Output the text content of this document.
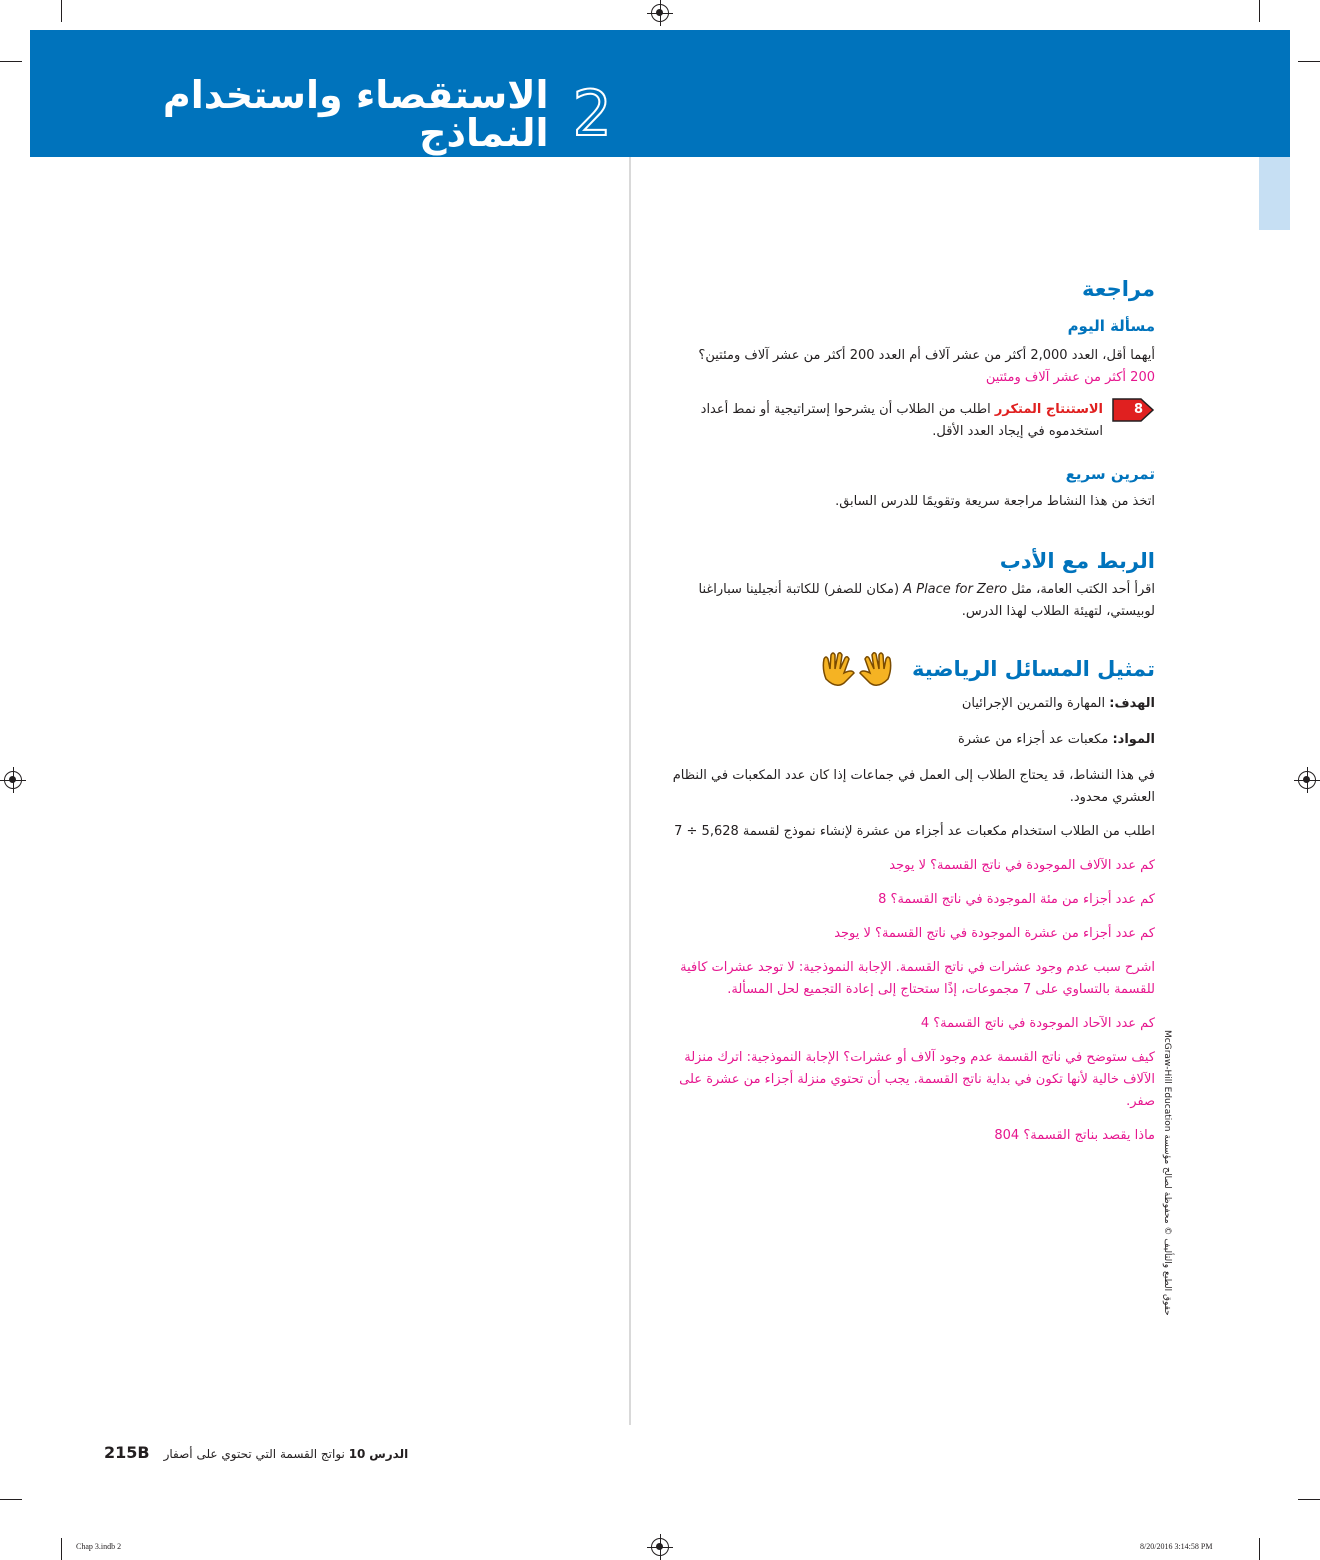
2
الاستقصاء واستخدام النماذج
مراجعة
مسألة اليوم

أيهما أقل، العدد 2,000 أكثر من عشر آلاف أم العدد 200 أكثر من عشر آلاف ومئتين؟

200 أكثر من عشر آلاف ومئتين

8

الاستنتاج المتكرر اطلب من الطلاب أن يشرحوا إستراتيجية أو نمط أعداد استخدموه في إيجاد العدد الأقل.

تمرين سريع

اتخذ من هذا النشاط مراجعة سريعة وتقويمًا للدرس السابق.

الربط مع الأدب

اقرأ أحد الكتب العامة، مثل A Place for Zero (مكان للصفر) للكاتبة أنجيلينا سباراغنا لوبيستي، لتهيئة الطلاب لهذا الدرس.

تمثيل المسائل الرياضية

الهدف: المهارة والتمرين الإجرائيان

المواد: مكعبات عد أجزاء من عشرة

في هذا النشاط، قد يحتاج الطلاب إلى العمل في جماعات إذا كان عدد المكعبات في النظام العشري محدود.

اطلب من الطلاب استخدام مكعبات عد أجزاء من عشرة لإنشاء نموذج لقسمة 5,628 ÷ 7

كم عدد الآلاف الموجودة في ناتج القسمة؟ لا يوجد

كم عدد أجزاء من مئة الموجودة في ناتج القسمة؟ 8

كم عدد أجزاء من عشرة الموجودة في ناتج القسمة؟ لا يوجد

اشرح سبب عدم وجود عشرات في ناتج القسمة. الإجابة النموذجية: لا توجد عشرات كافية للقسمة بالتساوي على 7 مجموعات، إذًا ستحتاج إلى إعادة التجميع لحل المسألة.

كم عدد الآحاد الموجودة في ناتج القسمة؟ 4

كيف ستوضح في ناتج القسمة عدم وجود آلاف أو عشرات؟ الإجابة النموذجية: اترك منزلة الآلاف خالية لأنها تكون في بداية ناتج القسمة. يجب أن تحتوي منزلة أجزاء من عشرة على صفر.

ماذا يقصد بناتج القسمة؟ 804

حقوق الطبع والتأليف © محفوظة لصالح مؤسسة McGraw-Hill Education
215B	الدرس 10 نواتج القسمة التي تحتوي على أصفار
Chap 3.indb 2	8/20/2016 3:14:58 PM
